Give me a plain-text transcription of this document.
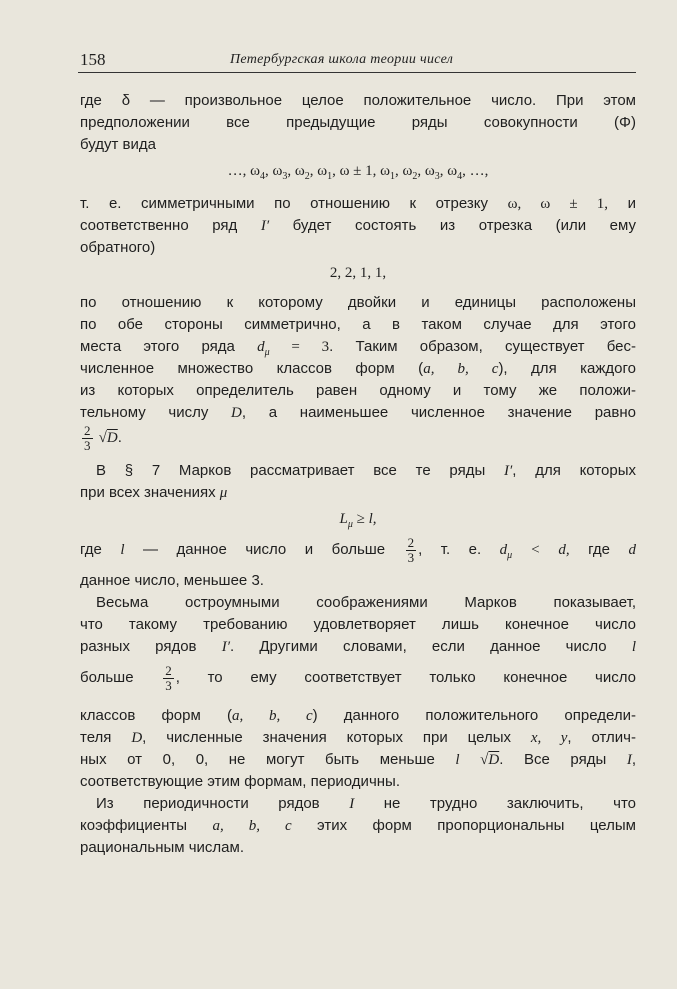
158	Петербургская школа теории чисел
где δ — произвольное целое положительное число. При этом
предположении все предыдущие ряды совокупности (Φ)
будут вида
…, $\omega_4$, $\omega_3$, $\omega_2$, $\omega_1$, ω ± 1, $\omega_1$, $\omega_2$, $\omega_3$, $\omega_4$, …,
т. е. симметричными по отношению к отрезку ω, ω ± 1, и
соответственно ряд I′ будет состоять из отрезка (или ему
обратного)
2, 2, 1, 1,
по отношению к которому двойки и единицы расположены
по обе стороны симметрично, а в таком случае для этого
места этого ряда $d_\mu = 3$. Таким образом, существует бес-
численное множество классов форм (a, b, c), для каждого
из которых определитель равен одному и тому же положи-
тельному числу D, а наименьшее численное значение равно
$\frac{2}{3} √D$.
В § 7 Марков рассматривает все те ряды I′, для которых
при всех значениях μ
$L_\mu \ge l$,
где l — данное число и больше $\frac{2}{3}$ , т. е. $d_\mu < d$, где d
данное число, меньшее 3.
Весьма остроумными соображениями Марков показывает,
что такому требованию удовлетворяет лишь конечное число
разных рядов I′. Другими словами, если данное число l
больше $\frac{2}{3}$ , то ему соответствует только конечное число
классов форм (a, b, c) данного положительного определи-
теля D, численные значения которых при целых x, y, отлич-
ных от 0, 0, не могут быть меньше l √D. Все ряды I,
соответствующие этим формам, периодичны.
Из периодичности рядов I не трудно заключить, что
коэффициенты a, b, c этих форм пропорциональны целым
рациональным числам.
